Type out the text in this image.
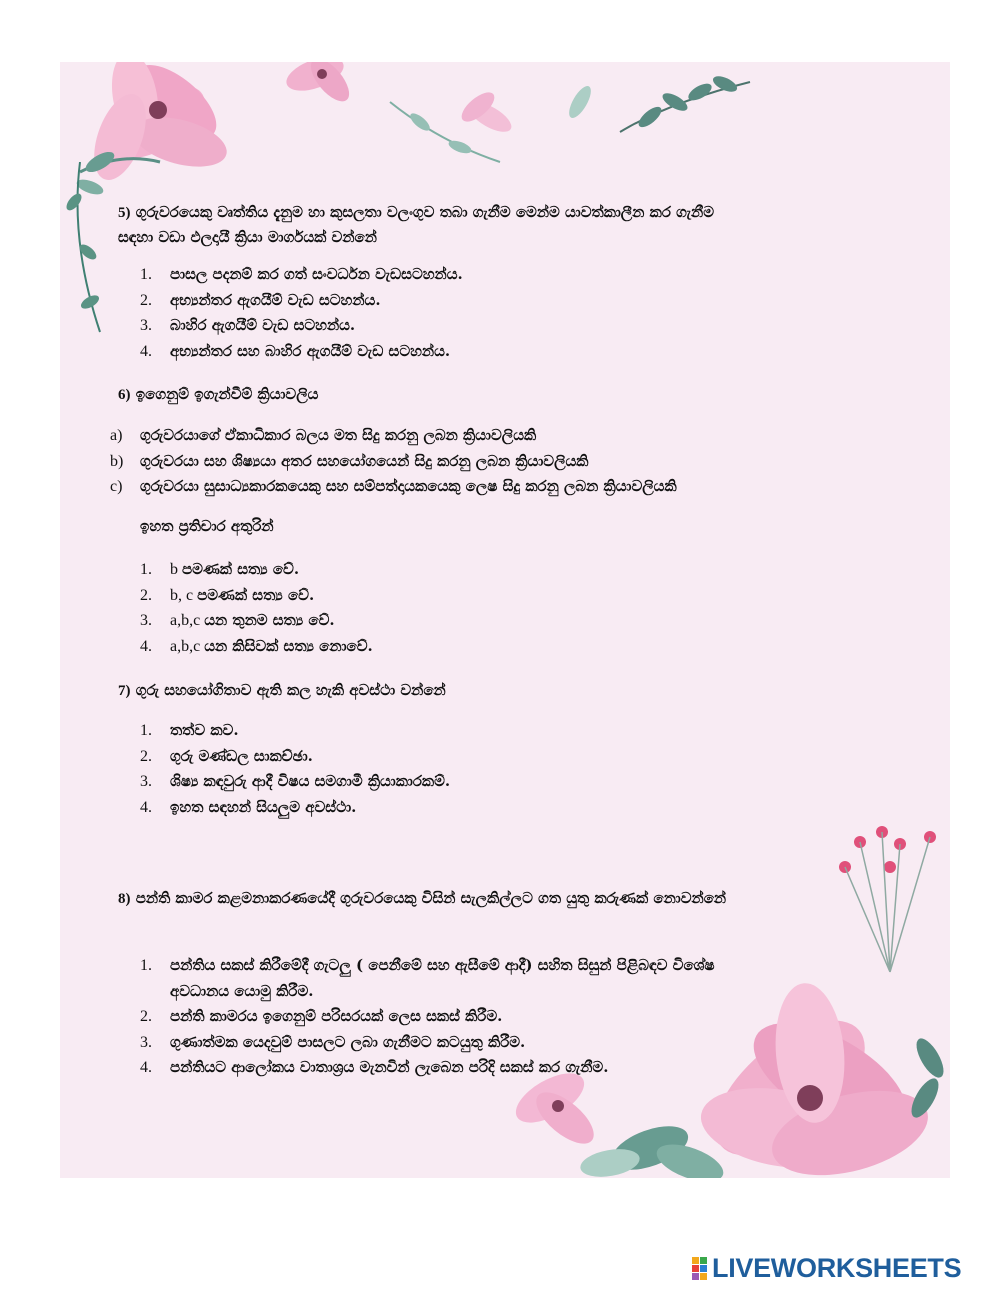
5) ගුරුවරයෙකු වෘත්තිය දැනුම හා කුසලතා වලංගුව තබා ගැනීම මෙන්ම යාවත්කාලීන කර ගැනීම
සඳහා වඩා ඵලදායී ක්‍රියා මාර්ගයක් වන්නේ
1. පාසල පදනම් කර ගත් සංවර්ධන වැඩසටහන්ය.
2. අභ්‍යන්තර ඇගයීම් වැඩ සටහන්ය.
3. බාහිර ඇගයීම් වැඩ සටහන්ය.
4. අභ්‍යන්තර සහ බාහිර ඇගයීම් වැඩ සටහන්ය.
6) ඉගෙනුම් ඉගැන්වීම් ක්‍රියාවලිය
a) ගුරුවරයාගේ ඒකාධිකාර බලය මත සිදු කරනු ලබන ක්‍රියාවලියකි
b) ගුරුවරයා සහ ශිෂ්‍යයා අතර සහයෝගයෙන් සිදු කරනු ලබන ක්‍රියාවලියකි
c) ගුරුවරයා සුසාධ්‍යකාරකයෙකු සහ සම්පත්දායකයෙකු ලෙෂ සිදු කරනු ලබන ක්‍රියාවලියකි
ඉහත ප්‍රතිචාර අතුරින්
1. b පමණක් සත්‍ය වේ.
2. b, c පමණක් සත්‍ය වේ.
3. a,b,c යන තුනම සත්‍ය වේ.
4. a,b,c යන කිසිවක් සත්‍ය නොවේ.
7) ගුරු සහයෝගිතාව ඇති කල හැකි අවස්ථා වන්නේ
1. තත්ව කව.
2. ගුරු මණ්ඩල සාකච්ඡා.
3. ශිෂ්‍ය කඳවුරු ආදී විෂය සමගාමී ක්‍රියාකාරකම්.
4. ඉහත සඳහන් සියලුම අවස්ථා.
8) පන්ති කාමර කළමනාකරණයේදී ගුරුවරයෙකු විසින් සැලකිල්ලට ගත යුතු කරුණක් නොවන්නේ
1. පන්තිය සකස් කිරීමේදී ගැටලු ( පෙනීමේ සහ ඇසීමේ ආදී) සහිත සිසුන් පිළිබඳව විශේෂ
අවධානය යොමු කිරීම.
2. පන්ති කාමරය ඉගෙනුම් පරිසරයක් ලෙස සකස් කිරීම.
3. ගුණාත්මක යෙදවුම් පාසලට ලබා ගැනීමට කටයුතු කිරීම.
4. පන්තියට ආලෝකය වාතාශ්‍රය මැනවින් ලැබෙන පරිදි සකස් කර ගැනීම.
LIVEWORKSHEETS
